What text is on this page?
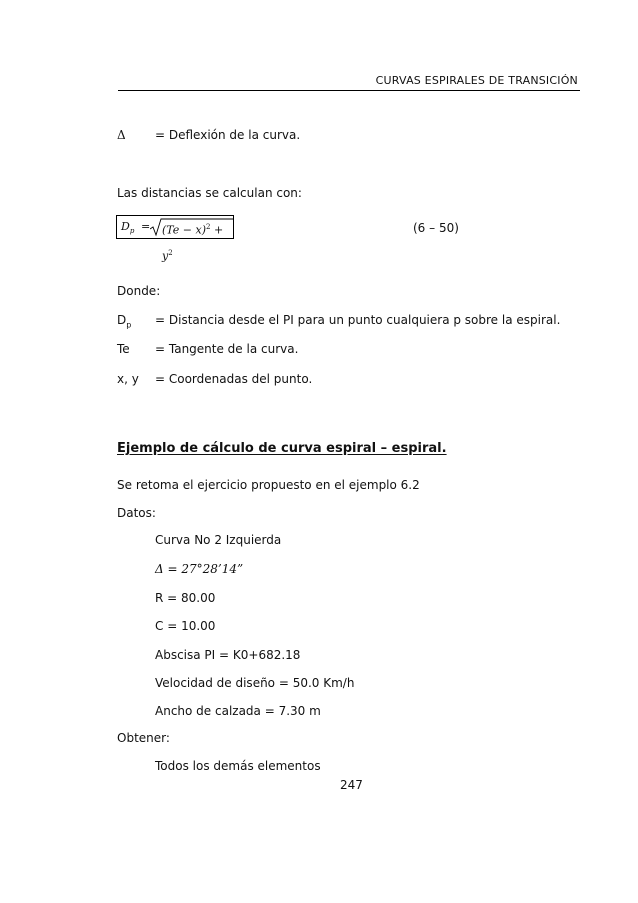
CURVAS ESPIRALES DE TRANSICIÓN
Δ = Deflexión de la curva.
Las distancias se calculan con:
$D_p = (Te - x)^2 + y^2$
(6 – 50)
Donde:
$D_p$ = Distancia desde el PI para un punto cualquiera p sobre la espiral.
Te = Tangente de la curva.
x, y = Coordenadas del punto.
Ejemplo de cálculo de curva espiral – espiral.
Se retoma el ejercicio propuesto en el ejemplo 6.2
Datos:
Curva No 2 Izquierda
Δ = 27°28’14”
R = 80.00
C = 10.00
Abscisa PI = K0+682.18
Velocidad de diseño = 50.0 Km/h
Ancho de calzada = 7.30 m
Obtener:
Todos los demás elementos
247
